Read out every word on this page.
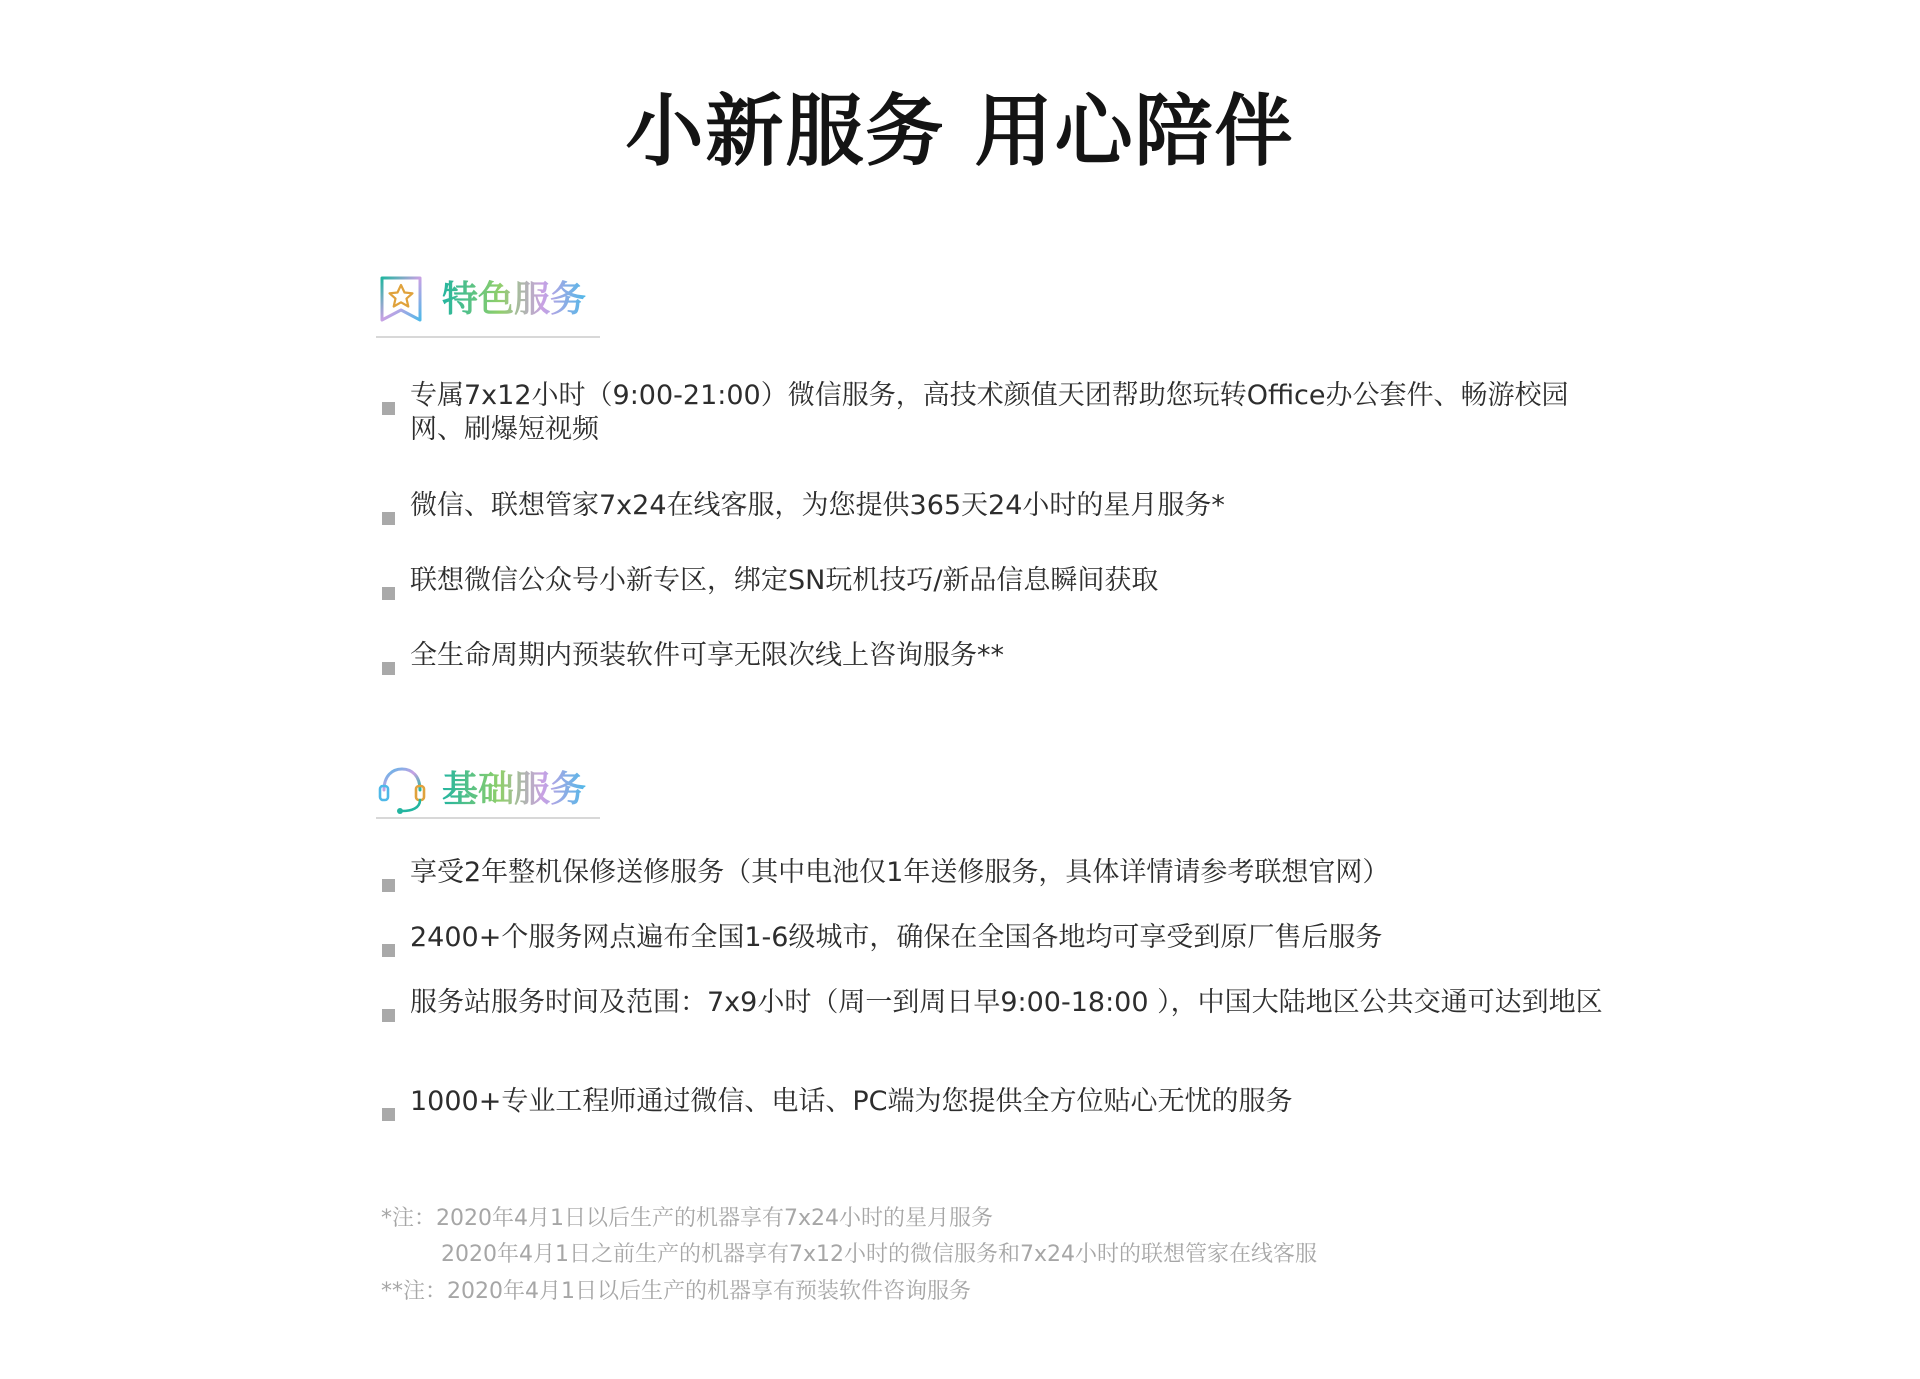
小新服务 用心陪伴
特色服务
专属7x12小时（9:00-21:00）微信服务，高技术颜值天团帮助您玩转Office办公套件、畅游校园网、刷爆短视频
微信、联想管家7x24在线客服，为您提供365天24小时的星月服务*
联想微信公众号小新专区，绑定SN玩机技巧/新品信息瞬间获取
全生命周期内预装软件可享无限次线上咨询服务**
基础服务
享受2年整机保修送修服务（其中电池仅1年送修服务，具体详情请参考联想官网）
2400+个服务网点遍布全国1-6级城市，确保在全国各地均可享受到原厂售后服务
服务站服务时间及范围：7x9小时（周一到周日早9:00-18:00 ），中国大陆地区公共交通可达到地区
1000+专业工程师通过微信、电话、PC端为您提供全方位贴心无忧的服务
*注：2020年4月1日以后生产的机器享有7x24小时的星月服务
2020年4月1日之前生产的机器享有7x12小时的微信服务和7x24小时的联想管家在线客服
**注：2020年4月1日以后生产的机器享有预装软件咨询服务
